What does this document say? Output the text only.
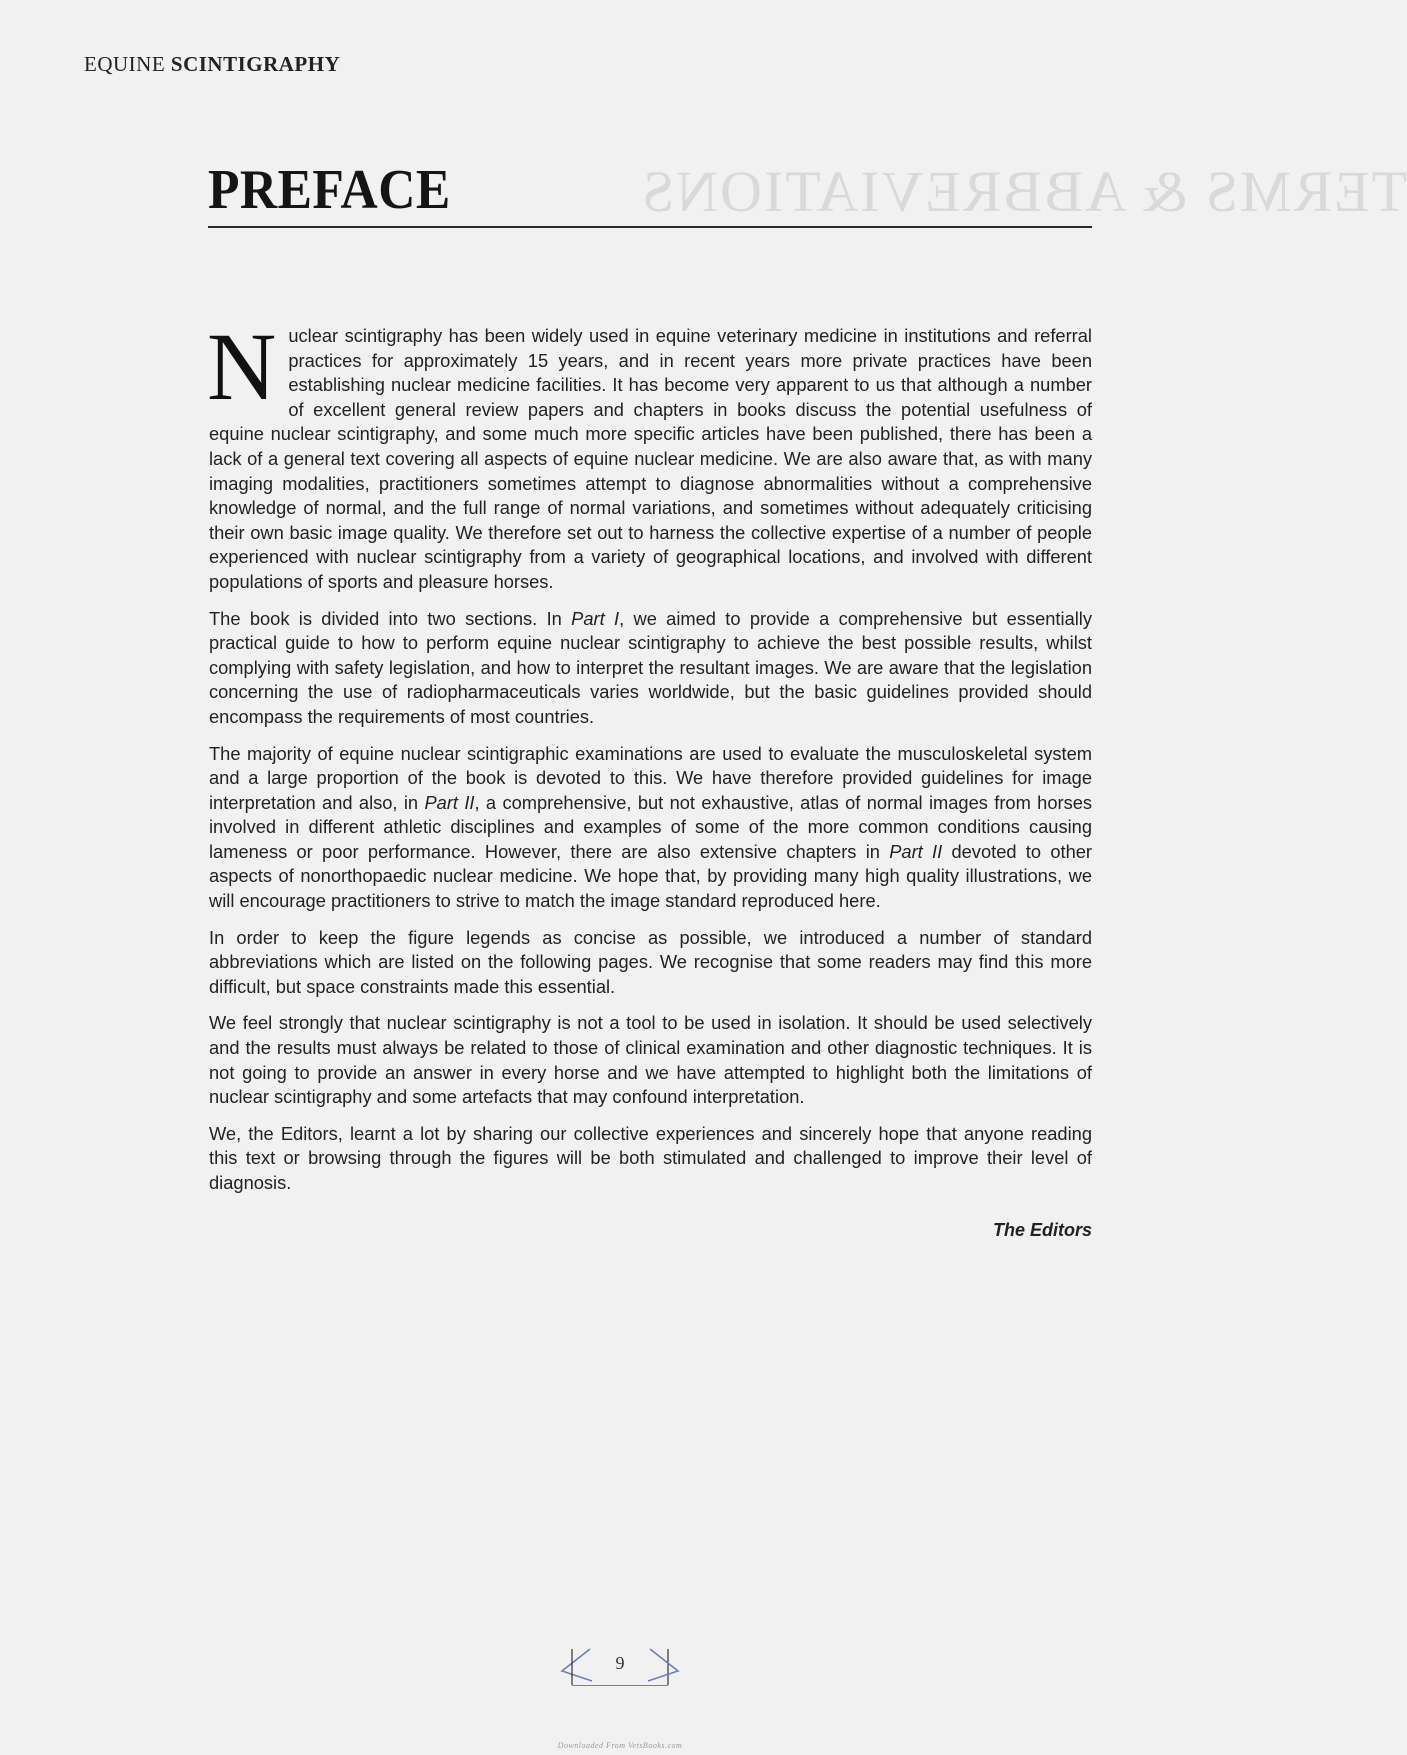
EQUINE SCINTIGRAPHY
TERMS & ABBREVIATIONS
PREFACE

N uclear scintigraphy has been widely used in equine veterinary medicine in institutions and referral practices for approximately 15 years, and in recent years more private practices have been establishing nuclear medicine facilities. It has become very apparent to us that although a number of excellent general review papers and chapters in books discuss the potential usefulness of equine nuclear scintigraphy, and some much more specific articles have been published, there has been a lack of a general text covering all aspects of equine nuclear medicine. We are also aware that, as with many imaging modalities, practitioners sometimes attempt to diagnose abnormalities without a comprehensive knowledge of normal, and the full range of normal variations, and sometimes without adequately criticising their own basic image quality. We therefore set out to harness the collective expertise of a number of people experienced with nuclear scintigraphy from a variety of geographical locations, and involved with different populations of sports and pleasure horses.

The book is divided into two sections. In Part I, we aimed to provide a comprehensive but essentially practical guide to how to perform equine nuclear scintigraphy to achieve the best possible results, whilst complying with safety legislation, and how to interpret the resultant images. We are aware that the legislation concerning the use of radiopharmaceuticals varies worldwide, but the basic guidelines provided should encompass the requirements of most countries.

The majority of equine nuclear scintigraphic examinations are used to evaluate the musculoskeletal system and a large proportion of the book is devoted to this. We have therefore provided guidelines for image interpretation and also, in Part II, a comprehensive, but not exhaustive, atlas of normal images from horses involved in different athletic disciplines and examples of some of the more common conditions causing lameness or poor performance. However, there are also extensive chapters in Part II devoted to other aspects of nonorthopaedic nuclear medicine. We hope that, by providing many high quality illustrations, we will encourage practitioners to strive to match the image standard reproduced here.

In order to keep the figure legends as concise as possible, we introduced a number of standard abbreviations which are listed on the following pages. We recognise that some readers may find this more difficult, but space constraints made this essential.

We feel strongly that nuclear scintigraphy is not a tool to be used in isolation. It should be used selectively and the results must always be related to those of clinical examination and other diagnostic techniques. It is not going to provide an answer in every horse and we have attempted to highlight both the limitations of nuclear scintigraphy and some artefacts that may confound interpretation.

We, the Editors, learnt a lot by sharing our collective experiences and sincerely hope that anyone reading this text or browsing through the figures will be both stimulated and challenged to improve their level of diagnosis.

The Editors
9
Downloaded From VetsBooks.com
